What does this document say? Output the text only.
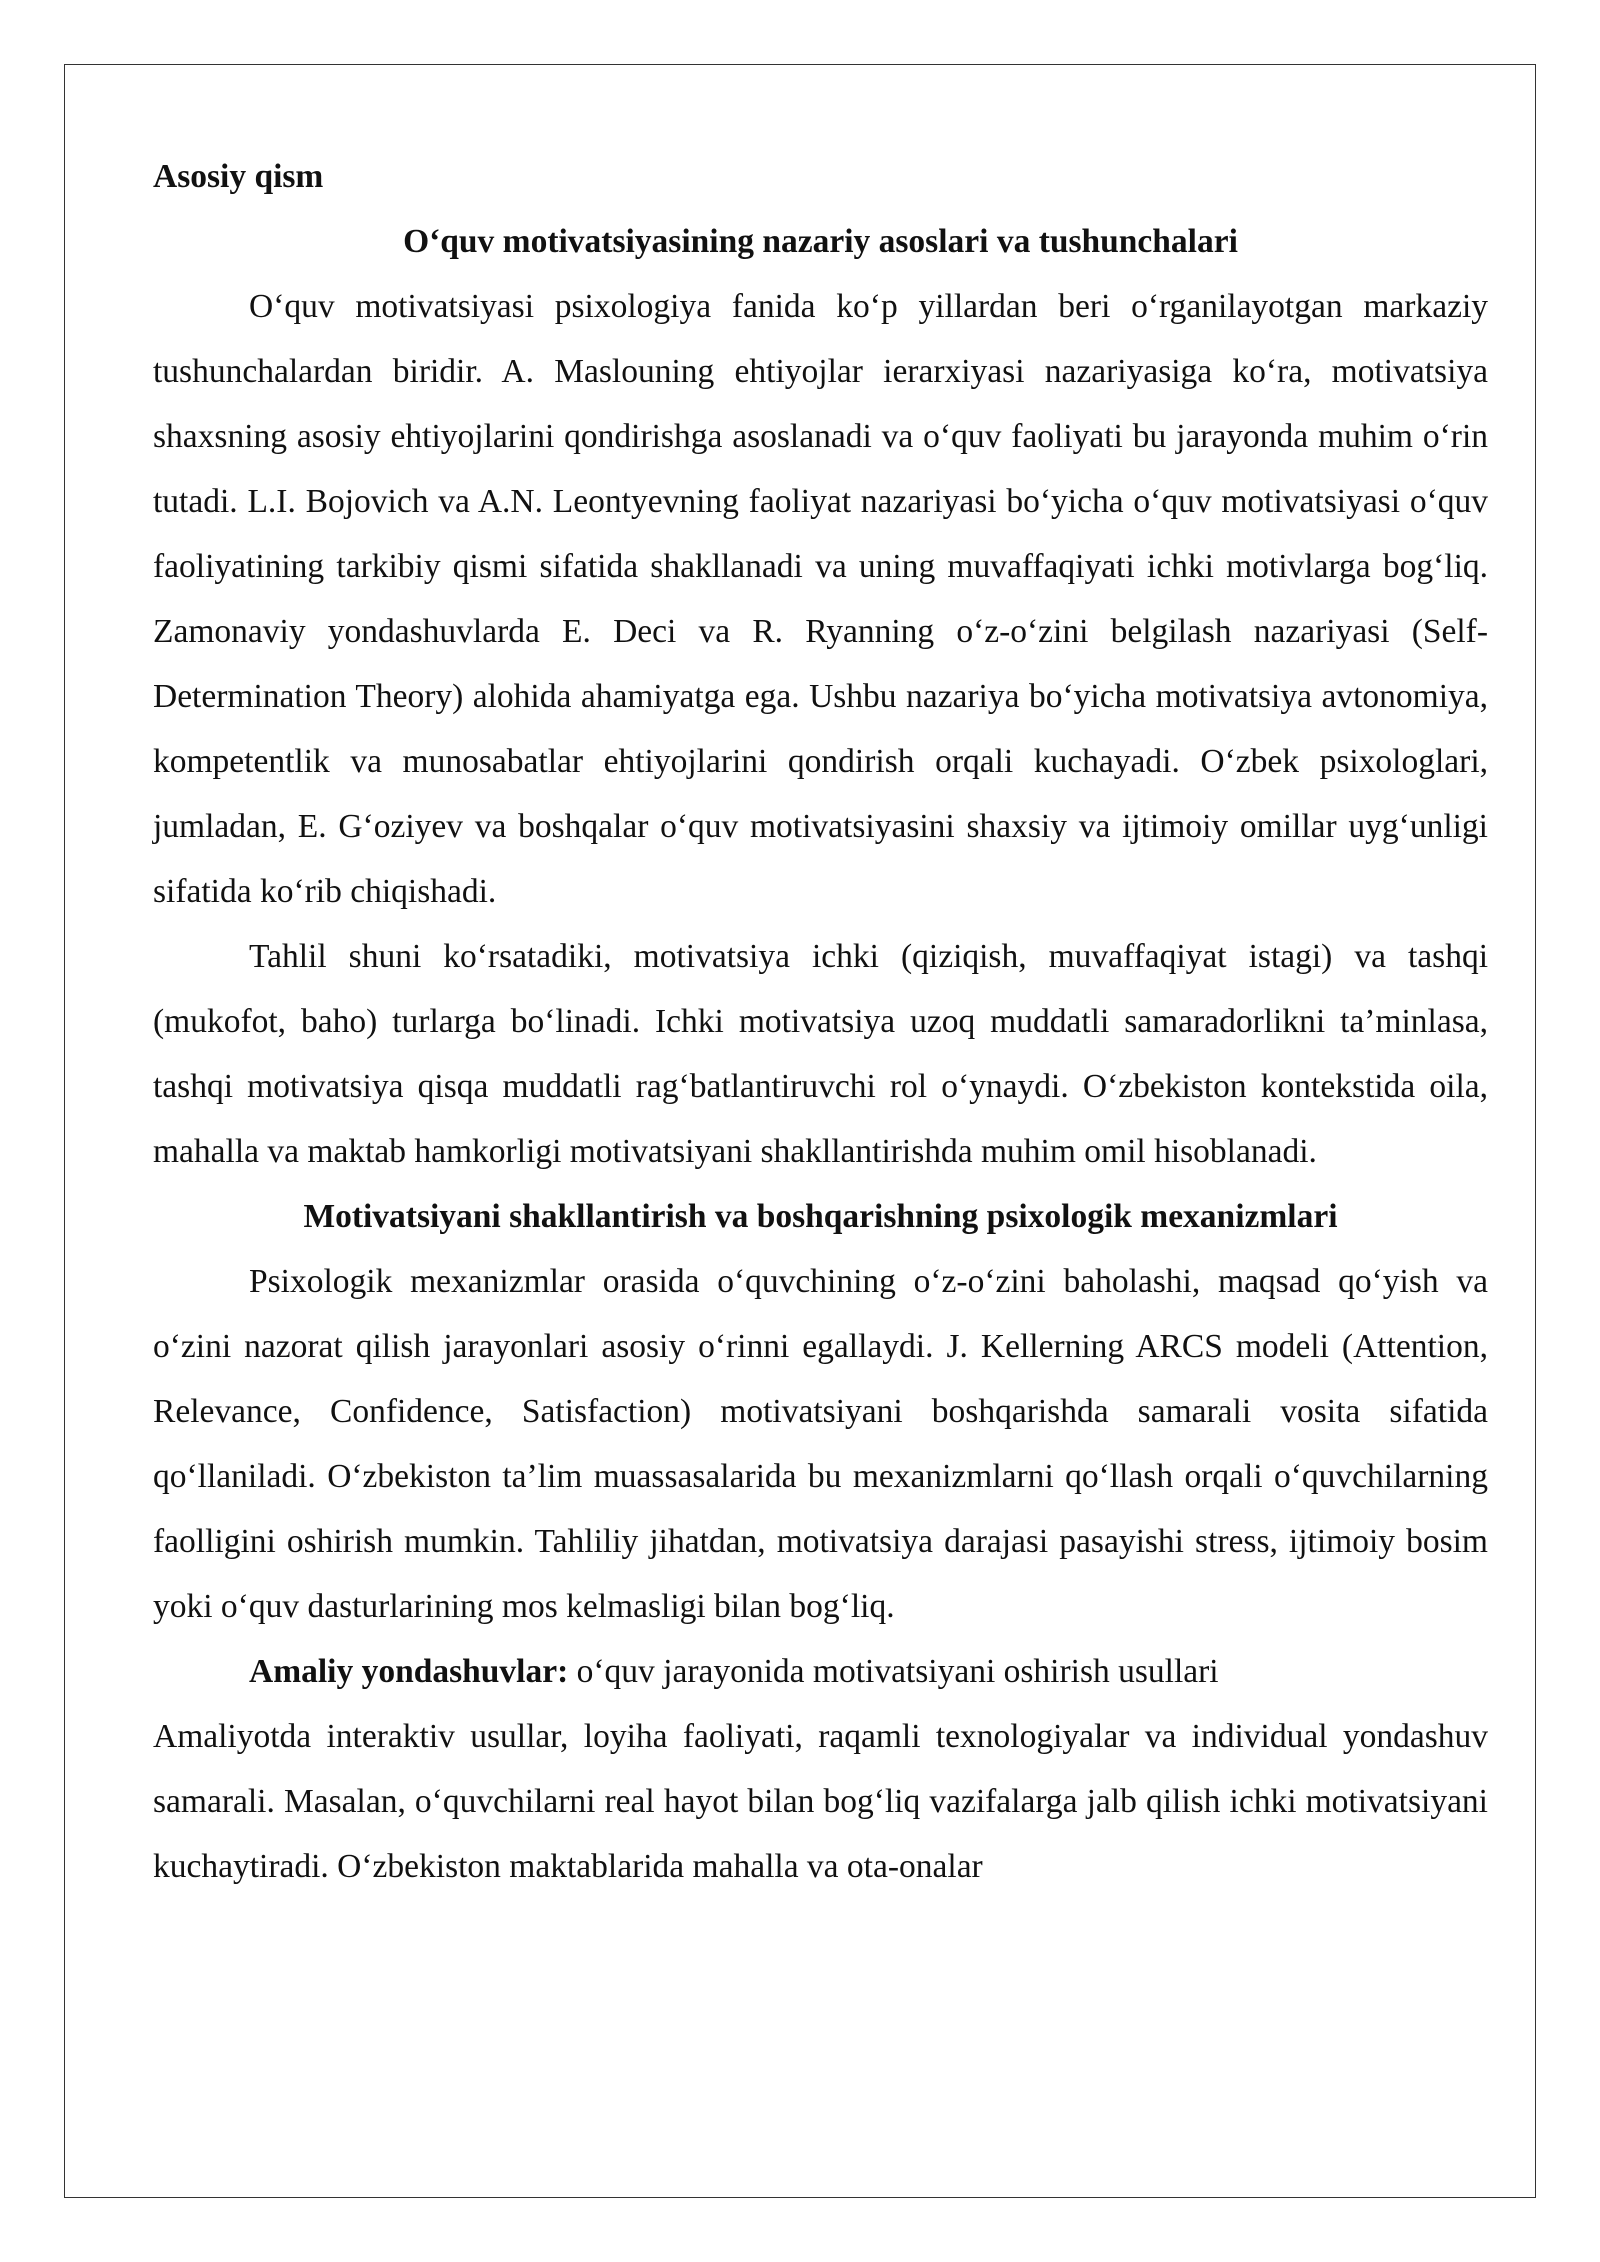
Asosiy qism
O‘quv motivatsiyasining nazariy asoslari va tushunchalari

O‘quv motivatsiyasi psixologiya fanida ko‘p yillardan beri o‘rganilayotgan markaziy tushunchalardan biridir. A. Maslouning ehtiyojlar ierarxiyasi nazariyasiga ko‘ra, motivatsiya shaxsning asosiy ehtiyojlarini qondirishga asoslanadi va o‘quv faoliyati bu jarayonda muhim o‘rin tutadi. L.I. Bojovich va A.N. Leontyevning faoliyat nazariyasi bo‘yicha o‘quv motivatsiyasi o‘quv faoliyatining tarkibiy qismi sifatida shakllanadi va uning muvaffaqiyati ichki motivlarga bog‘liq. Zamonaviy yondashuvlarda E. Deci va R. Ryanning o‘z-o‘zini belgilash nazariyasi (Self-Determination Theory) alohida ahamiyatga ega. Ushbu nazariya bo‘yicha motivatsiya avtonomiya, kompetentlik va munosabatlar ehtiyojlarini qondirish orqali kuchayadi. O‘zbek psixologlari, jumladan, E. G‘oziyev va boshqalar o‘quv motivatsiyasini shaxsiy va ijtimoiy omillar uyg‘unligi sifatida ko‘rib chiqishadi.

Tahlil shuni ko‘rsatadiki, motivatsiya ichki (qiziqish, muvaffaqiyat istagi) va tashqi (mukofot, baho) turlarga bo‘linadi. Ichki motivatsiya uzoq muddatli samaradorlikni ta’minlasa, tashqi motivatsiya qisqa muddatli rag‘batlantiruvchi rol o‘ynaydi. O‘zbekiston kontekstida oila, mahalla va maktab hamkorligi motivatsiyani shakllantirishda muhim omil hisoblanadi.

Motivatsiyani shakllantirish va boshqarishning psixologik mexanizmlari

Psixologik mexanizmlar orasida o‘quvchining o‘z-o‘zini baholashi, maqsad qo‘yish va o‘zini nazorat qilish jarayonlari asosiy o‘rinni egallaydi. J. Kellerning ARCS modeli (Attention, Relevance, Confidence, Satisfaction) motivatsiyani boshqarishda samarali vosita sifatida qo‘llaniladi. O‘zbekiston ta’lim muassasalarida bu mexanizmlarni qo‘llash orqali o‘quvchilarning faolligini oshirish mumkin. Tahliliy jihatdan, motivatsiya darajasi pasayishi stress, ijtimoiy bosim yoki o‘quv dasturlarining mos kelmasligi bilan bog‘liq.

Amaliy yondashuvlar: o‘quv jarayonida motivatsiyani oshirish usullari

Amaliyotda interaktiv usullar, loyiha faoliyati, raqamli texnologiyalar va individual yondashuv samarali. Masalan, o‘quvchilarni real hayot bilan bog‘liq vazifalarga jalb qilish ichki motivatsiyani kuchaytiradi. O‘zbekiston maktablarida mahalla va ota-onalar
